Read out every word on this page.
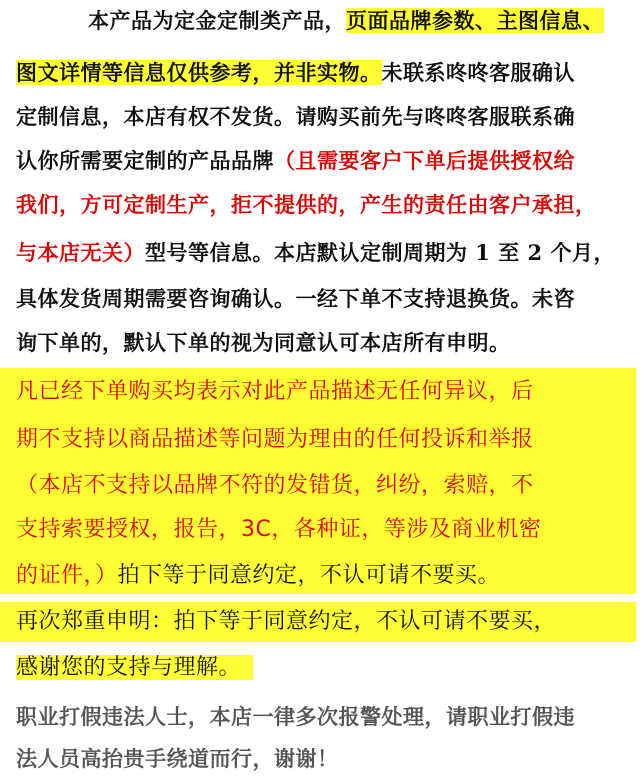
本产品为定金定制类产品，页面品牌参数、主图信息、
图文详情等信息仅供参考，并非实物。未联系咚咚客服确认
定制信息，本店有权不发货。请购买前先与咚咚客服联系确
认你所需要定制的产品品牌（且需要客户下单后提供授权给
我们，方可定制生产，拒不提供的，产生的责任由客户承担，
与本店无关）型号等信息。本店默认定制周期为 1 至 2 个月，
具体发货周期需要咨询确认。一经下单不支持退换货。未咨
询下单的，默认下单的视为同意认可本店所有申明。
凡已经下单购买均表示对此产品描述无任何异议，后
期不支持以商品描述等问题为理由的任何投诉和举报
（本店不支持以品牌不符的发错货，纠纷，索赔，不
支持索要授权，报告，3C，各种证，等涉及商业机密
的证件，）拍下等于同意约定，不认可请不要买。
再次郑重申明：拍下等于同意约定，不认可请不要买，
感谢您的支持与理解。
职业打假违法人士，本店一律多次报警处理，请职业打假违
法人员高抬贵手绕道而行，谢谢！
